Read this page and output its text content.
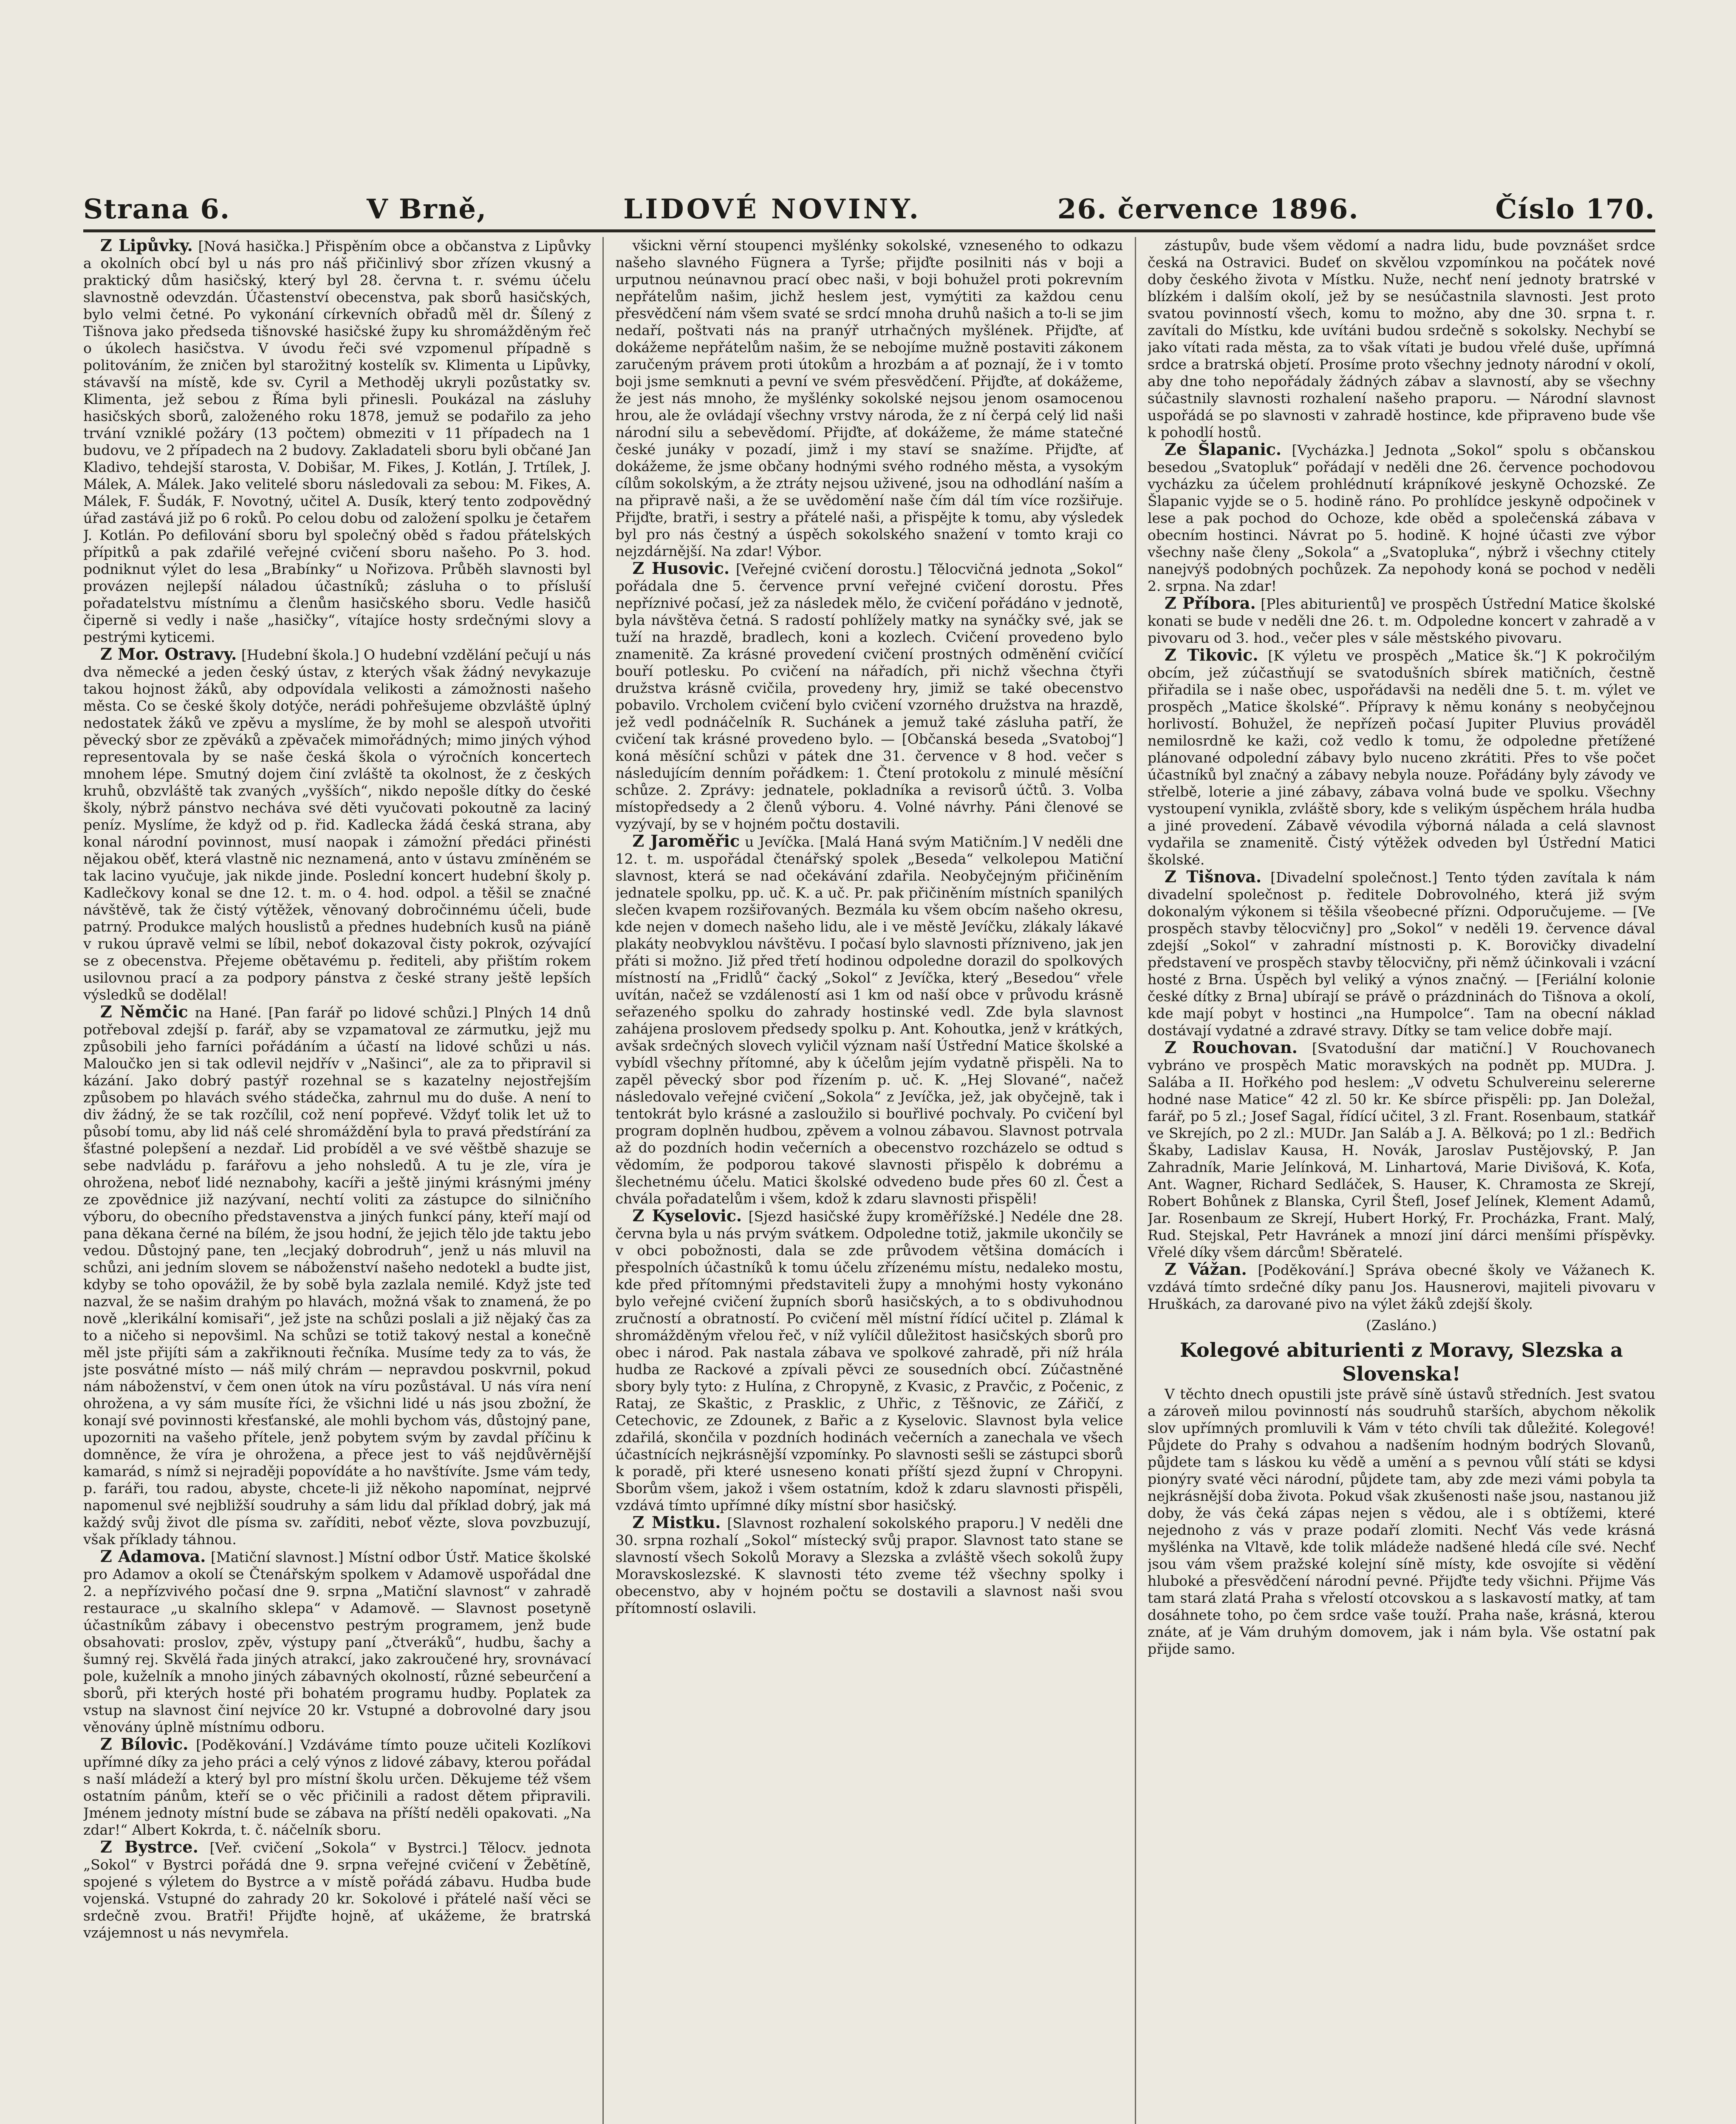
Strana 6.	V Brně,	LIDOVÉ NOVINY.	26. července 1896.	Číslo 170.

Z Lipůvky. [Nová hasička.] Přispěním obce a občanstva z Lipůvky a okolních obcí byl u nás pro náš přičinlivý sbor zřízen vkusný a praktický dům hasičský, který byl 28. června t. r. svému účelu slavnostně odevzdán. Účastenství obecenstva, pak sborů hasičských, bylo velmi četné. Po vykonání církevních obřadů měl dr. Šílený z Tišnova jako předseda tišnovské hasičské župy ku shromážděným řeč o úkolech hasičstva. V úvodu řeči své vzpomenul případně s politováním, že zničen byl starožitný kostelík sv. Klimenta u Lipůvky, stávavší na místě, kde sv. Cyril a Methoděj ukryli pozůstatky sv. Klimenta, jež sebou z Říma byli přinesli. Poukázal na zásluhy hasičských sborů, založeného roku 1878, jemuž se podařilo za jeho trvání vzniklé požáry (13 počtem) obmeziti v 11 případech na 1 budovu, ve 2 případech na 2 budovy. Zakladateli sboru byli občané Jan Kladivo, tehdejší starosta, V. Dobišar, M. Fikes, J. Kotlán, J. Trtílek, J. Málek, A. Málek. Jako velitelé sboru následovali za sebou: M. Fikes, A. Málek, F. Šudák, F. Novotný, učitel A. Dusík, který tento zodpovědný úřad zastává již po 6 roků. Po celou dobu od založení spolku je četařem J. Kotlán. Po defilování sboru byl společný oběd s řadou přátelských přípitků a pak zdařilé veřejné cvičení sboru našeho. Po 3. hod. podniknut výlet do lesa „Brabínky“ u Nořizova. Průběh slavnosti byl provázen nejlepší náladou účastníků; zásluha o to přísluší pořadatelstvu místnímu a členům hasičského sboru. Vedle hasičů čiperně si vedly i naše „hasičky“, vítajíce hosty srdečnými slovy a pestrými kyticemi.

Z Mor. Ostravy. [Hudební škola.] O hudební vzdělání pečují u nás dva německé a jeden český ústav, z kterých však žádný nevykazuje takou hojnost žáků, aby odpovídala velikosti a zámožnosti našeho města. Co se české školy dotýče, nerádi pohřešujeme obzvláště úplný nedostatek žáků ve zpěvu a myslíme, že by mohl se alespoň utvořiti pěvecký sbor ze zpěváků a zpěvaček mimořádných; mimo jiných výhod representovala by se naše česká škola o výročních koncertech mnohem lépe. Smutný dojem činí zvláště ta okolnost, že z českých kruhů, obzvláště tak zvaných „vyšších“, nikdo nepošle dítky do české školy, nýbrž pánstvo necháva své děti vyučovati pokoutně za laciný peníz. Myslíme, že když od p. řid. Kadlecka žádá česká strana, aby konal národní povinnost, musí naopak i zámožní předáci přinésti nějakou oběť, která vlastně nic neznamená, anto v ústavu zmíněném se tak lacino vyučuje, jak nikde jinde. Poslední koncert hudební školy p. Kadlečkovy konal se dne 12. t. m. o 4. hod. odpol. a těšil se značné návštěvě, tak že čistý výtěžek, věnovaný dobročinnému účeli, bude patrný. Produkce malých houslistů a přednes hudebních kusů na piáně v rukou úpravě velmi se líbil, neboť dokazoval čisty pokrok, ozývající se z obecenstva. Přejeme obětavému p. řediteli, aby přištím rokem usilovnou prací a za podpory pánstva z české strany ještě lepších výsledků se dodělal!

Z Němčic na Hané. [Pan farář po lidové schůzi.] Plných 14 dnů potřeboval zdejší p. farář, aby se vzpamatoval ze zármutku, jejž mu způsobili jeho farníci pořádáním a účastí na lidové schůzi u nás. Maloučko jen si tak odlevil nejdřív v „Našinci“, ale za to připravil si kázání. Jako dobrý pastýř rozehnal se s kazatelny nejostřejším způsobem po hlavách svého stádečka, zahrnul mu do duše. A není to div žádný, že se tak rozčílil, což není popřevé. Vždyť tolik let už to působí tomu, aby lid náš celé shromáždění byla to pravá předstírání za šťastné polepšení a nezdař. Lid probíděl a ve své věštbě shazuje se sebe nadvládu p. farářovu a jeho nohsledů. A tu je zle, víra je ohrožena, neboť lidé neznabohy, kacíři a ještě jinými krásnými jmény ze zpovědnice již nazývaní, nechtí voliti za zástupce do silničního výboru, do obecního představenstva a jiných funkcí pány, kteří mají od pana děkana černé na bílém, že jsou hodní, že jejich tělo jde taktu jebo vedou. Důstojný pane, ten „lecjaký dobrodruh“, jenž u nás mluvil na schůzi, ani jedním slovem se náboženství našeho nedotekl a budte jist, kdyby se toho opovážil, že by sobě byla zazlala nemilé. Když jste teď nazval, že se našim drahým po hlavách, možná však to znamená, že po nově „klerikální komisaři“, jež jste na schůzi poslali a již nějaký čas za to a ničeho si nepovšiml. Na schůzi se totiž takový nestal a konečně měl jste přijíti sám a zakřiknouti řečníka. Musíme tedy za to vás, že jste posvátné místo — náš milý chrám — nepravdou poskvrnil, pokud nám náboženství, v čem onen útok na víru pozůstával. U nás víra není ohrožena, a vy sám musíte říci, že všichni lidé u nás jsou zbožní, že konají své povinnosti křesťanské, ale mohli bychom vás, důstojný pane, upozorniti na vašeho přítele, jenž pobytem svým by zavdal příčinu k domněnce, že víra je ohrožena, a přece jest to váš nejdůvěrnější kamarád, s nímž si nejraději popovídáte a ho navštívíte. Jsme vám tedy, p. faráři, tou radou, abyste, chcete-li již někoho napomínat, nejprvé napomenul své nejbližší soudruhy a sám lidu dal příklad dobrý, jak má každý svůj život dle písma sv. zaříditi, neboť vězte, slova povzbuzují, však příklady táhnou.

Z Adamova. [Matiční slavnost.] Místní odbor Ústř. Matice školské pro Adamov a okolí se Čtenářským spolkem v Adamově uspořádal dne 2. a nepřízvivého počasí dne 9. srpna „Matiční slavnost“ v zahradě restaurace „u skalního sklepa“ v Adamově. — Slavnost posetyně účastníkům zábavy i obecenstvo pestrým programem, jenž bude obsahovati: proslov, zpěv, výstupy paní „čtveráků“, hudbu, šachy a šumný rej. Skvělá řada jiných atrakcí, jako zakroučené hry, srovnávací pole, kuželník a mnoho jiných zábavných okolností, různé sebeurčení a sborů, při kterých hosté při bohatém programu hudby. Poplatek za vstup na slavnost činí nejvíce 20 kr. Vstupné a dobrovolné dary jsou věnovány úplně místnímu odboru.

Z Bílovic. [Poděkování.] Vzdáváme tímto pouze učiteli Kozlíkovi upřímné díky za jeho práci a celý výnos z lidové zábavy, kterou pořádal s naší mládeží a který byl pro místní školu určen. Děkujeme též všem ostatním pánům, kteří se o věc přičinili a radost dětem připravili. Jménem jednoty místní bude se zábava na příští neděli opakovati. „Na zdar!“ Albert Kokrda, t. č. náčelník sboru.

Z Bystrce. [Veř. cvičení „Sokola“ v Bystrci.] Tělocv. jednota „Sokol“ v Bystrci pořádá dne 9. srpna veřejné cvičení v Žebětíně, spojené s výletem do Bystrce a v místě pořádá zábavu. Hudba bude vojenská. Vstupné do zahrady 20 kr. Sokolové i přátelé naší věci se srdečně zvou. Bratři! Přijďte hojně, ať ukážeme, že bratrská vzájemnost u nás nevymřela.

všickni věrní stoupenci myšlénky sokolské, vzneseného to odkazu našeho slavného Fügnera a Tyrše; přijďte posilniti nás v boji a urputnou neúnavnou prací obec naši, v boji bohužel proti pokrevním nepřátelům našim, jichž heslem jest, vymýtiti za každou cenu přesvědčení nám všem svaté se srdcí mnoha druhů našich a to-li se jim nedaří, poštvati nás na pranýř utrhačných myšlének. Přijďte, ať dokážeme nepřátelům našim, že se nebojíme mužně postaviti zákonem zaručeným právem proti útokům a hrozbám a ať poznají, že i v tomto boji jsme semknuti a pevní ve svém přesvědčení. Přijďte, ať dokážeme, že jest nás mnoho, že myšlénky sokolské nejsou jenom osamocenou hrou, ale že ovládají všechny vrstvy národa, že z ní čerpá celý lid naši národní silu a sebevědomí. Přijďte, ať dokážeme, že máme statečné české junáky v pozadí, jimž i my staví se snažíme. Přijďte, ať dokážeme, že jsme občany hodnými svého rodného města, a vysokým cílům sokolským, a že ztráty nejsou uživené, jsou na odhodlání naším a na připravě naši, a že se uvědomění naše čím dál tím více rozšiřuje. Přijďte, bratři, i sestry a přátelé naši, a přispějte k tomu, aby výsledek byl pro nás čestný a úspěch sokolského snažení v tomto kraji co nejzdárnější. Na zdar! Výbor.

Z Husovic. [Veřejné cvičení dorostu.] Tělocvičná jednota „Sokol“ pořádala dne 5. července první veřejné cvičení dorostu. Přes nepříznivé počasí, jež za následek mělo, že cvičení pořádáno v jednotě, byla návštěva četná. S radostí pohlížely matky na synáčky své, jak se tuží na hrazdě, bradlech, koni a kozlech. Cvičení provedeno bylo znamenitě. Za krásné provedení cvičení prostných odměnění cvičící bouří potlesku. Po cvičení na nářadích, při nichž všechna čtyři družstva krásně cvičila, provedeny hry, jimiž se také obecenstvo pobavilo. Vrcholem cvičení bylo cvičení vzorného družstva na hrazdě, jež vedl podnáčelník R. Suchánek a jemuž také zásluha patří, že cvičení tak krásné provedeno bylo. — [Občanská beseda „Svatoboj“] koná měsíční schůzi v pátek dne 31. července v 8 hod. večer s následujícím denním pořádkem: 1. Čtení protokolu z minulé měsíční schůze. 2. Zprávy: jednatele, pokladníka a revisorů účtů. 3. Volba místopředsedy a 2 členů výboru. 4. Volné návrhy. Páni členové se vyzývají, by se v hojném počtu dostavili.

Z Jaroměřic u Jevíčka. [Malá Haná svým Matičním.] V neděli dne 12. t. m. uspořádal čtenářský spolek „Beseda“ velkolepou Matiční slavnost, která se nad očekávání zdařila. Neobyčejným přičiněním jednatele spolku, pp. uč. K. a uč. Pr. pak přičiněním místních spanilých slečen kvapem rozšiřovaných. Bezmála ku všem obcím našeho okresu, kde nejen v domech našeho lidu, ale i ve městě Jevíčku, zlákaly lákavé plakáty neobvyklou návštěvu. I počasí bylo slavnosti přízniveno, jak jen přáti si možno. Již před třetí hodinou odpoledne dorazil do spolkových místností na „Fridlů“ čacký „Sokol“ z Jevíčka, který „Besedou“ vřele uvítán, načež se vzdáleností asi 1 km od naší obce v průvodu krásně seřazeného spolku do zahrady hostinské vedl. Zde byla slavnost zahájena proslovem předsedy spolku p. Ant. Kohoutka, jenž v krátkých, avšak srdečných slovech vyličil význam naší Ústřední Matice školské a vybídl všechny přítomné, aby k účelům jejím vydatně přispěli. Na to zapěl pěvecký sbor pod řízením p. uč. K. „Hej Slované“, načež následovalo veřejné cvičení „Sokola“ z Jevíčka, jež, jak obyčejně, tak i tentokrát bylo krásné a zasloužilo si bouřlivé pochvaly. Po cvičení byl program doplněn hudbou, zpěvem a volnou zábavou. Slavnost potrvala až do pozdních hodin večerních a obecenstvo rozcházelo se odtud s vědomím, že podporou takové slavnosti přispělo k dobrému a šlechetnému účelu. Matici školské odvedeno bude přes 60 zl. Čest a chvála pořadatelům i všem, kdož k zdaru slavnosti přispěli!

Z Kyselovic. [Sjezd hasičské župy kroměřížské.] Nedéle dne 28. června byla u nás prvým svátkem. Odpoledne totiž, jakmile ukončily se v obci pobožnosti, dala se zde průvodem většina domácích i přespolních účastníků k tomu účelu zřízenému místu, nedaleko mostu, kde před přítomnými představiteli župy a mnohými hosty vykonáno bylo veřejné cvičení župních sborů hasičských, a to s obdivuhodnou zručností a obratností. Po cvičení měl místní řídící učitel p. Zlámal k shromážděným vřelou řeč, v níž vylíčil důležitost hasičských sborů pro obec i národ. Pak nastala zábava ve spolkové zahradě, při níž hrála hudba ze Rackové a zpívali pěvci ze sousedních obcí. Zúčastněné sbory byly tyto: z Hulína, z Chropyně, z Kvasic, z Pravčic, z Počenic, z Rataj, ze Skaštic, z Prasklic, z Uhřic, z Těšnovic, ze Zářičí, z Cetechovic, ze Zdounek, z Bařic a z Kyselovic. Slavnost byla velice zdařilá, skončila v pozdních hodinách večerních a zanechala ve všech účastnících nejkrásnější vzpomínky. Po slavnosti sešli se zástupci sborů k poradě, při které usneseno konati příští sjezd župní v Chropyni. Sborům všem, jakož i všem ostatním, kdož k zdaru slavnosti přispěli, vzdává tímto upřímné díky místní sbor hasičský.

Z Mistku. [Slavnost rozhalení sokolského praporu.] V neděli dne 30. srpna rozhalí „Sokol“ místecký svůj prapor. Slavnost tato stane se slavností všech Sokolů Moravy a Slezska a zvláště všech sokolů župy Moravskoslezské. K slavnosti této zveme též všechny spolky i obecenstvo, aby v hojném počtu se dostavili a slavnost naši svou přítomností oslavili.

zástupův, bude všem vědomí a nadra lidu, bude povznášet srdce česká na Ostravici. Budeť on skvělou vzpomínkou na počátek nové doby českého života v Místku. Nuže, nechť není jednoty bratrské v blízkém i dalším okolí, jež by se nesúčastnila slavnosti. Jest proto svatou povinností všech, komu to možno, aby dne 30. srpna t. r. zavítali do Místku, kde uvítáni budou srdečně s sokolsky. Nechybí se jako vítati rada města, za to však vítati je budou vřelé duše, upřímná srdce a bratrská objetí. Prosíme proto všechny jednoty národní v okolí, aby dne toho nepořádaly žádných zábav a slavností, aby se všechny súčastnily slavnosti rozhalení našeho praporu. — Národní slavnost uspořádá se po slavnosti v zahradě hostince, kde připraveno bude vše k pohodlí hostů.

Ze Šlapanic. [Vycházka.] Jednota „Sokol“ spolu s občanskou besedou „Svatopluk“ pořádají v neděli dne 26. července pochodovou vycházku za účelem prohlédnutí krápníkové jeskyně Ochozské. Ze Šlapanic vyjde se o 5. hodině ráno. Po prohlídce jeskyně odpočinek v lese a pak pochod do Ochoze, kde oběd a společenská zábava v obecním hostinci. Návrat po 5. hodině. K hojné účasti zve výbor všechny naše členy „Sokola“ a „Svatopluka“, nýbrž i všechny ctitely nanejvýš podobných pochůzek. Za nepohody koná se pochod v neděli 2. srpna. Na zdar!

Z Příbora. [Ples abiturientů] ve prospěch Ústřední Matice školské konati se bude v neděli dne 26. t. m. Odpoledne koncert v zahradě a v pivovaru od 3. hod., večer ples v sále městského pivovaru.

Z Tikovic. [K výletu ve prospěch „Matice šk.“] K pokročilým obcím, jež zúčastňují se svatodušních sbírek matičních, čestně přiřadila se i naše obec, uspořádavši na neděli dne 5. t. m. výlet ve prospěch „Matice školské“. Přípravy k němu konány s neobyčejnou horlivostí. Bohužel, že nepřízeň počasí Jupiter Pluvius prováděl nemilosrdně ke kaži, což vedlo k tomu, že odpoledne přetížené plánované odpolední zábavy bylo nuceno zkrátiti. Přes to vše počet účastníků byl značný a zábavy nebyla nouze. Pořádány byly závody ve střelbě, loterie a jiné zábavy, zábava volná bude ve spolku. Všechny vystoupení vynikla, zvláště sbory, kde s velikým úspěchem hrála hudba a jiné provedení. Zábavě vévodila výborná nálada a celá slavnost vydařila se znamenitě. Čistý výtěžek odveden byl Ústřední Matici školské.

Z Tišnova. [Divadelní společnost.] Tento týden zavítala k nám divadelní společnost p. ředitele Dobrovolného, která již svým dokonalým výkonem si těšila všeobecné přízni. Odporučujeme. — [Ve prospěch stavby tělocvičny] pro „Sokol“ v neděli 19. července dával zdejší „Sokol“ v zahradní místnosti p. K. Borovičky divadelní představení ve prospěch stavby tělocvičny, při němž účinkovali i vzácní hosté z Brna. Úspěch byl veliký a výnos značný. — [Feriální kolonie české dítky z Brna] ubírají se právě o prázdninách do Tišnova a okolí, kde mají pobyt v hostinci „na Humpolce“. Tam na obecní náklad dostávají vydatné a zdravé stravy. Dítky se tam velice dobře mají.

Z Rouchovan. [Svatodušní dar matiční.] V Rouchovanech vybráno ve prospěch Matic moravských na podnět pp. MUDra. J. Salába a II. Hořkého pod heslem: „V odvetu Schulvereinu selererne hodné nase Matice“ 42 zl. 50 kr. Ke sbírce přispěli: pp. Jan Doležal, farář, po 5 zl.; Josef Sagal, řídící učitel, 3 zl. Frant. Rosenbaum, statkář ve Skrejích, po 2 zl.: MUDr. Jan Saláb a J. A. Bělková; po 1 zl.: Bedřich Škaby, Ladislav Kausa, H. Novák, Jaroslav Pustějovský, P. Jan Zahradník, Marie Jelínková, M. Linhartová, Marie Divišová, K. Koťa, Ant. Wagner, Richard Sedláček, S. Hauser, K. Chramosta ze Skrejí, Robert Bohůnek z Blanska, Cyril Štefl, Josef Jelínek, Klement Adamů, Jar. Rosenbaum ze Skrejí, Hubert Horký, Fr. Procházka, Frant. Malý, Rud. Stejskal, Petr Havránek a mnozí jiní dárci menšími příspěvky. Vřelé díky všem dárcům! Sběratelé.

Z Vážan. [Poděkování.] Správa obecné školy ve Vážanech K. vzdává tímto srdečné díky panu Jos. Hausnerovi, majiteli pivovaru v Hruškách, za darované pivo na výlet žáků zdejší školy.

(Zasláno.)

Kolegové abiturienti z Moravy, Slezska a Slovenska!

V těchto dnech opustili jste právě síně ústavů středních. Jest svatou a zároveň milou povinností nás soudruhů starších, abychom několik slov upřímných promluvili k Vám v této chvíli tak důležité. Kolegové! Půjdete do Prahy s odvahou a nadšením hodným bodrých Slovanů, půjdete tam s láskou ku vědě a umění a s pevnou vůlí státi se kdysi pionýry svaté věci národní, půjdete tam, aby zde mezi vámi pobyla ta nejkrásnější doba života. Pokud však zkušenosti naše jsou, nastanou již doby, že vás čeká zápas nejen s vědou, ale i s obtížemi, které nejednoho z vás v praze podaří zlomiti. Nechť Vás vede krásná myšlénka na Vltavě, kde tolik mládeže nadšené hledá cíle své. Nechť jsou vám všem pražské kolejní síně místy, kde osvojíte si vědění hluboké a přesvědčení národní pevné. Přijďte tedy všichni. Přijme Vás tam stará zlatá Praha s vřelostí otcovskou a s laskavostí matky, ať tam dosáhnete toho, po čem srdce vaše touží. Praha naše, krásná, kterou znáte, ať je Vám druhým domovem, jak i nám byla. Vše ostatní pak přijde samo.
